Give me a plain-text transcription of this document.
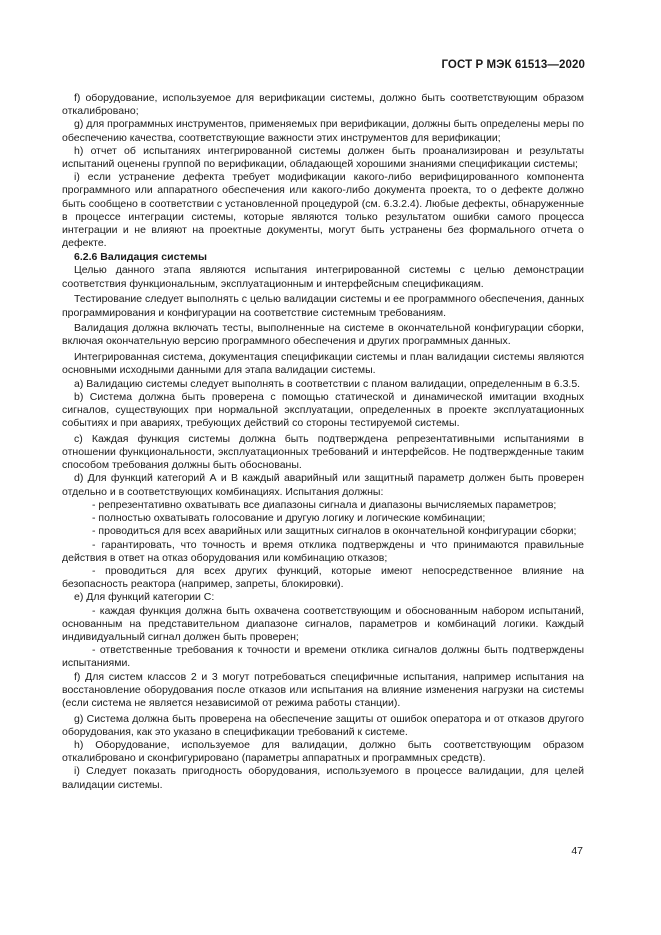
ГОСТ Р МЭК 61513—2020

f) оборудование, используемое для верификации системы, должно быть соответствующим образом откалибровано;

g) для программных инструментов, применяемых при верификации, должны быть определены меры по обеспечению качества, соответствующие важности этих инструментов для верификации;

h) отчет об испытаниях интегрированной системы должен быть проанализирован и результаты испытаний оценены группой по верификации, обладающей хорошими знаниями спецификации системы;

i) если устранение дефекта требует модификации какого-либо верифицированного компонента программного или аппаратного обеспечения или какого-либо документа проекта, то о дефекте должно быть сообщено в соответствии с установленной процедурой (см. 6.3.2.4). Любые дефекты, обнаруженные в процессе интеграции системы, которые являются только результатом ошибки самого процесса интеграции и не влияют на проектные документы, могут быть устранены без формального отчета о дефекте.

6.2.6 Валидация системы

Целью данного этапа являются испытания интегрированной системы с целью демонстрации соответствия функциональным, эксплуатационным и интерфейсным спецификациям.

Тестирование следует выполнять с целью валидации системы и ее программного обеспечения, данных программирования и конфигурации на соответствие системным требованиям.

Валидация должна включать тесты, выполненные на системе в окончательной конфигурации сборки, включая окончательную версию программного обеспечения и других программных данных.

Интегрированная система, документация спецификации системы и план валидации системы являются основными исходными данными для этапа валидации системы.

а) Валидацию системы следует выполнять в соответствии с планом валидации, определенным в 6.3.5.

b) Система должна быть проверена с помощью статической и динамической имитации входных сигналов, существующих при нормальной эксплуатации, определенных в проекте эксплуатационных событиях и при авариях, требующих действий со стороны тестируемой системы.

c) Каждая функция системы должна быть подтверждена репрезентативными испытаниями в отношении функциональности, эксплуатационных требований и интерфейсов. Не подтвержденные таким способом требования должны быть обоснованы.

d) Для функций категорий А и В каждый аварийный или защитный параметр должен быть проверен отдельно и в соответствующих комбинациях. Испытания должны:

- репрезентативно охватывать все диапазоны сигнала и диапазоны вычисляемых параметров;

- полностью охватывать голосование и другую логику и логические комбинации;

- проводиться для всех аварийных или защитных сигналов в окончательной конфигурации сборки;

- гарантировать, что точность и время отклика подтверждены и что принимаются правильные действия в ответ на отказ оборудования или комбинацию отказов;

- проводиться для всех других функций, которые имеют непосредственное влияние на безопасность реактора (например, запреты, блокировки).

e) Для функций категории С:

- каждая функция должна быть охвачена соответствующим и обоснованным набором испытаний, основанным на представительном диапазоне сигналов, параметров и комбинаций логики. Каждый индивидуальный сигнал должен быть проверен;

- ответственные требования к точности и времени отклика сигналов должны быть подтверждены испытаниями.

f) Для систем классов 2 и 3 могут потребоваться специфичные испытания, например испытания на восстановление оборудования после отказов или испытания на влияние изменения нагрузки на системы (если система не является независимой от режима работы станции).

g) Система должна быть проверена на обеспечение защиты от ошибок оператора и от отказов другого оборудования, как это указано в спецификации требований к системе.

h) Оборудование, используемое для валидации, должно быть соответствующим образом откалибровано и сконфигурировано (параметры аппаратных и программных средств).

i) Следует показать пригодность оборудования, используемого в процессе валидации, для целей валидации системы.

47
